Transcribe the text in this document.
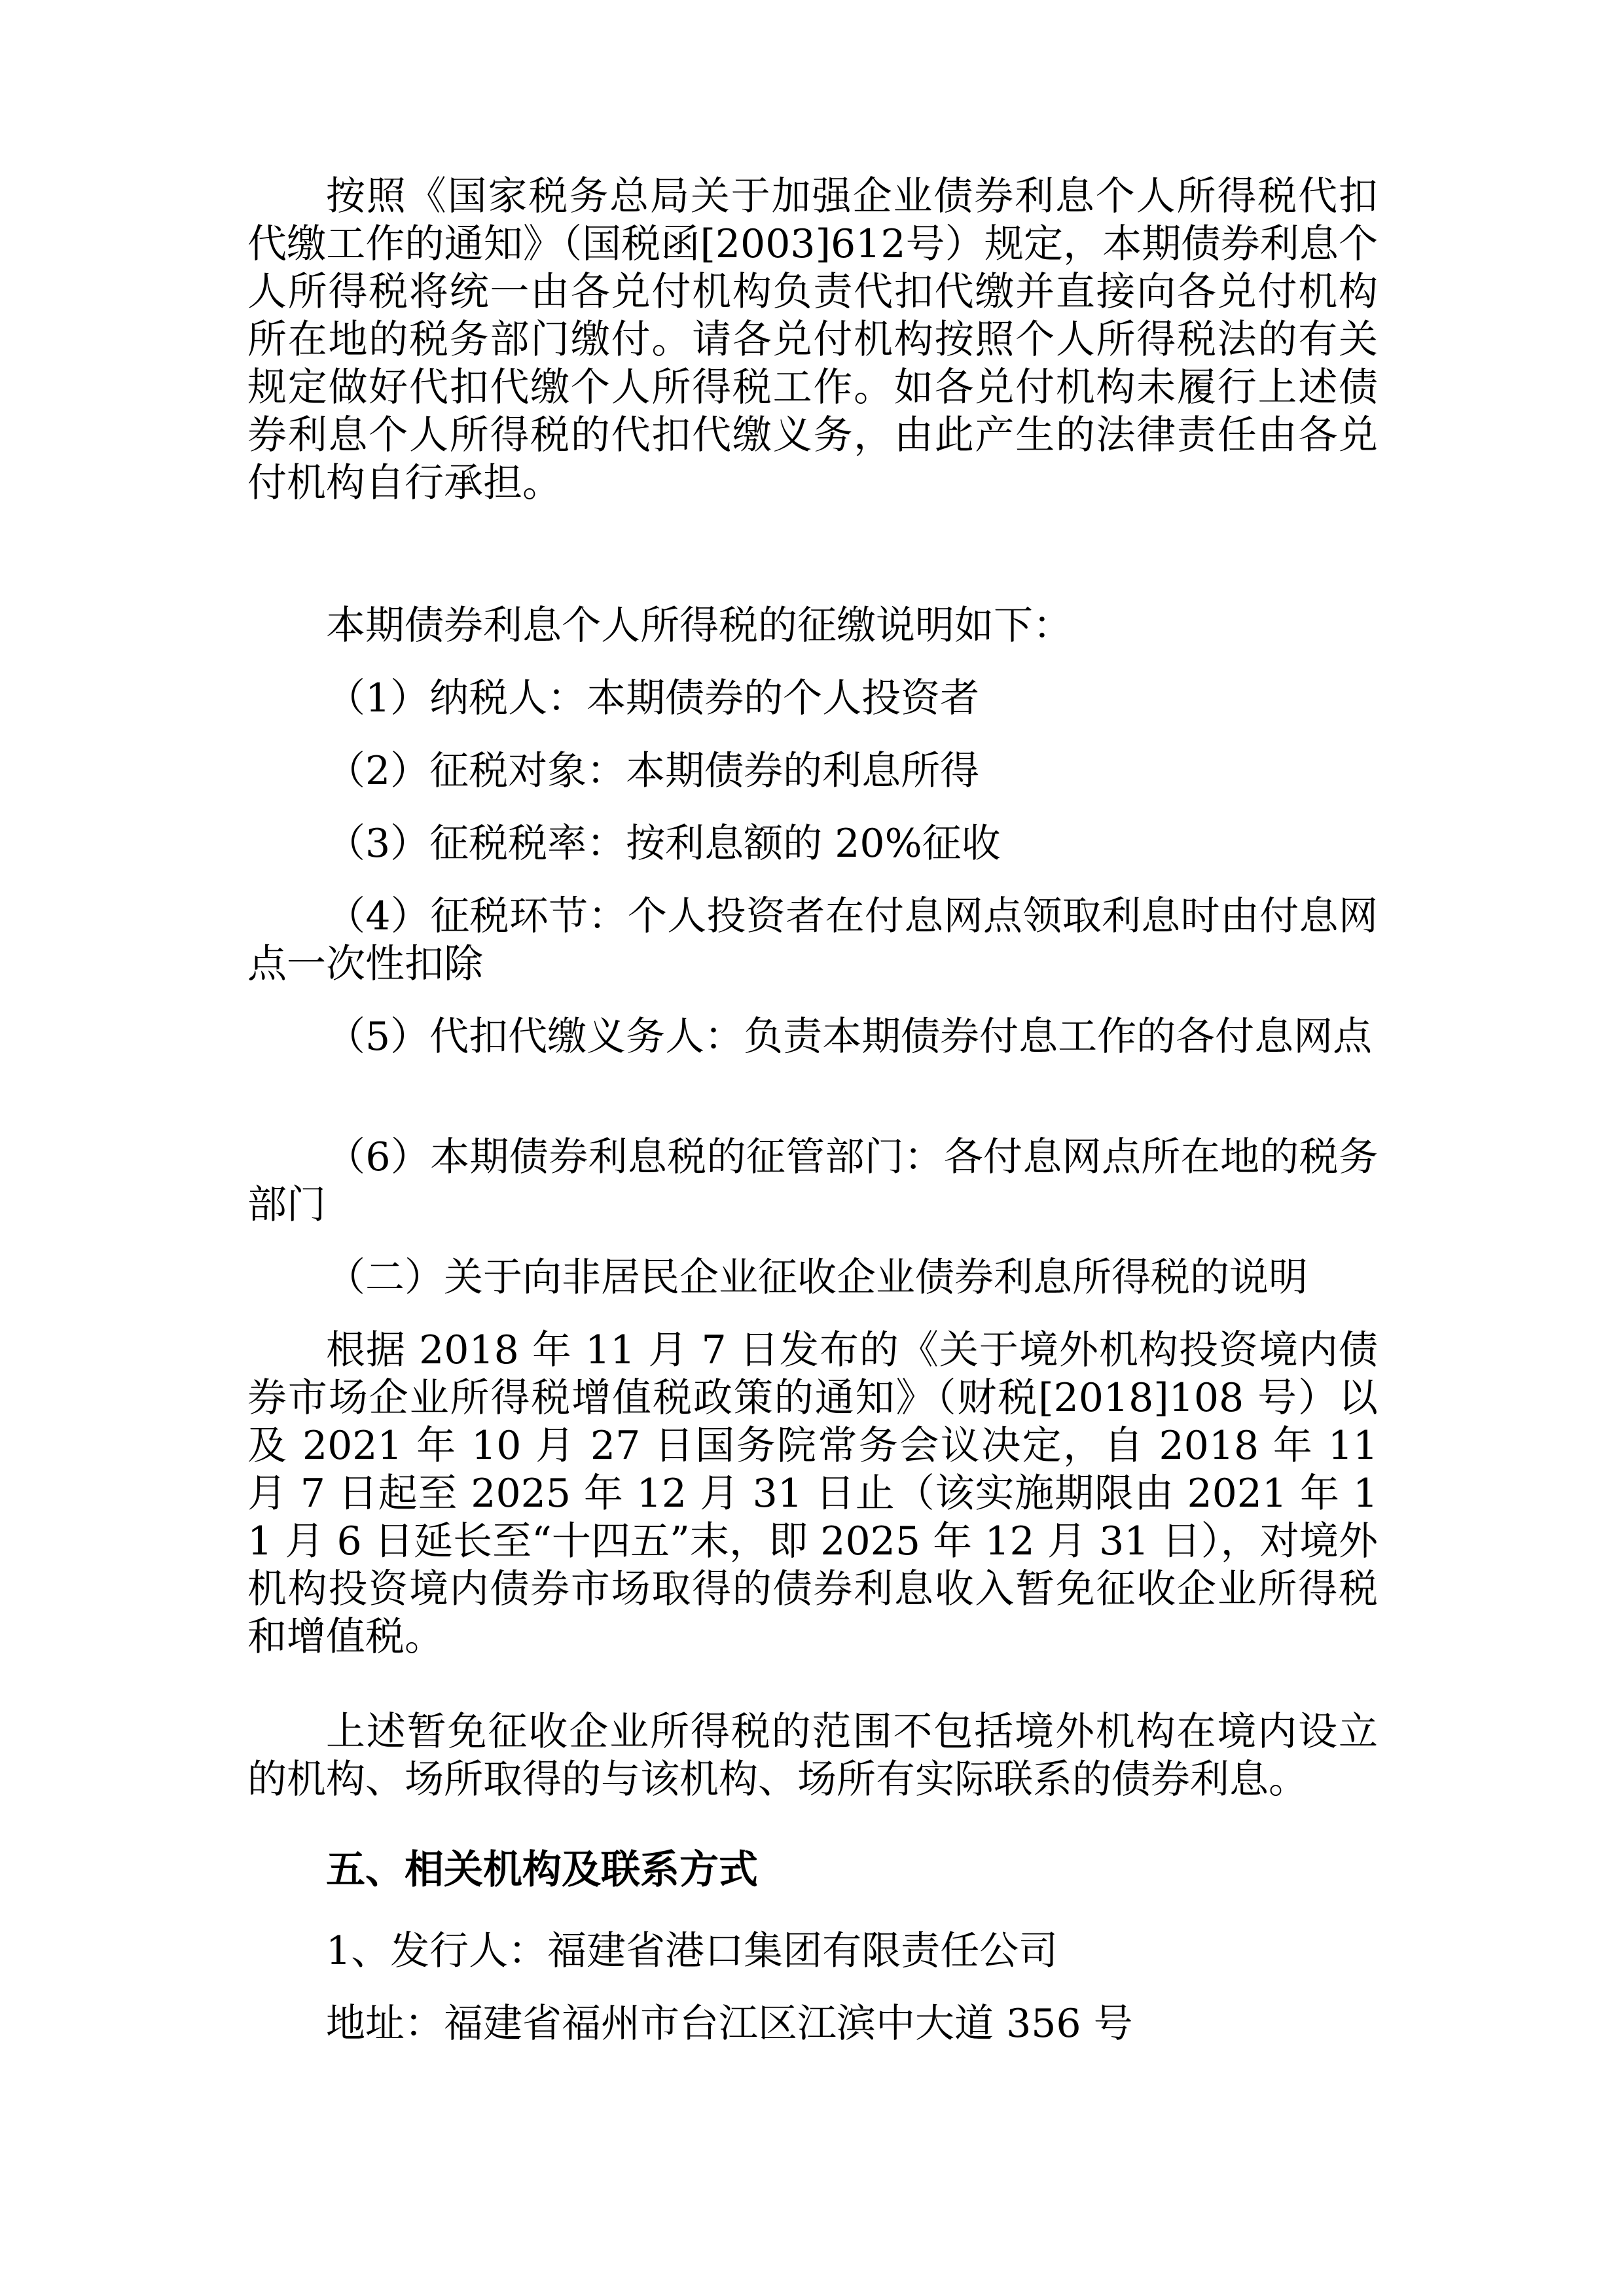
按照《国家税务总局关于加强企业债券利息个人所得税代扣代缴工作的通知》（国税函[2003]612号）规定，本期债券利息个人所得税将统一由各兑付机构负责代扣代缴并直接向各兑付机构所在地的税务部门缴付。请各兑付机构按照个人所得税法的有关规定做好代扣代缴个人所得税工作。如各兑付机构未履行上述债券利息个人所得税的代扣代缴义务，由此产生的法律责任由各兑付机构自行承担。
本期债券利息个人所得税的征缴说明如下：
（1）纳税人：本期债券的个人投资者
（2）征税对象：本期债券的利息所得
（3）征税税率：按利息额的 20%征收
（4）征税环节：个人投资者在付息网点领取利息时由付息网点一次性扣除
（5）代扣代缴义务人：负责本期债券付息工作的各付息网点
（6）本期债券利息税的征管部门：各付息网点所在地的税务部门
（二）关于向非居民企业征收企业债券利息所得税的说明
根据 2018 年 11 月 7 日发布的《关于境外机构投资境内债券市场企业所得税增值税政策的通知》（财税[2018]108 号）以及 2021 年 10 月 27 日国务院常务会议决定，自 2018 年 11 月 7 日起至 2025 年 12 月 31 日止（该实施期限由 2021 年 11 月 6 日延长至“十四五”末，即 2025 年 12 月 31 日），对境外机构投资境内债券市场取得的债券利息收入暂免征收企业所得税和增值税。
上述暂免征收企业所得税的范围不包括境外机构在境内设立的机构、场所取得的与该机构、场所有实际联系的债券利息。
五、相关机构及联系方式
1、发行人：福建省港口集团有限责任公司
地址：福建省福州市台江区江滨中大道 356 号
